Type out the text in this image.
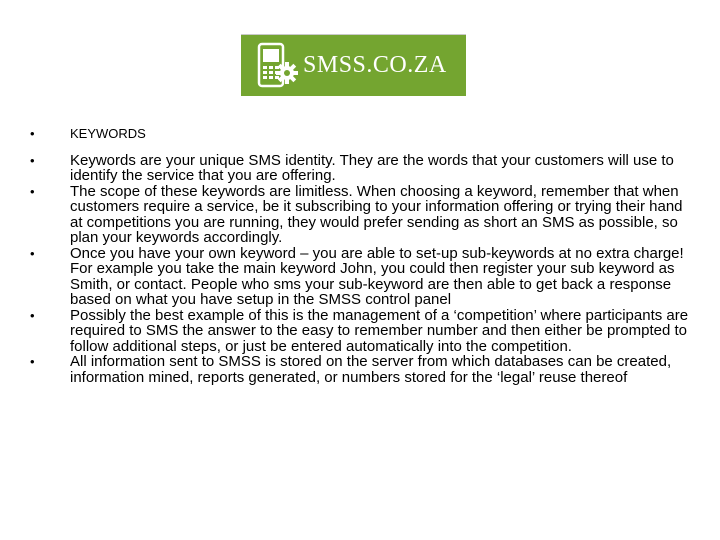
SMSS.CO.ZA
•	KEYWORDS
• Keywords are your unique SMS identity. They are the words that your customers will use to identify the service that you are offering.
• The scope of these keywords are limitless. When choosing a keyword, remember that when customers require a service, be it subscribing to your information offering or trying their hand at competitions you are running, they would prefer sending as short an SMS as possible, so plan your keywords accordingly.
• Once you have your own keyword – you are able to set-up sub-keywords at no extra charge! For example you take the main keyword John, you could then register your sub keyword as Smith, or contact. People who sms your sub-keyword are then able to get back a response based on what you have setup in the SMSS control panel
• Possibly the best example of this is the management of a ‘competition’ where participants are required to SMS the answer to the easy to remember number and then either be prompted to follow additional steps, or just be entered automatically into the competition.
• All information sent to SMSS is stored on the server from which databases can be created, information mined, reports generated, or numbers stored for the ‘legal’ reuse thereof
